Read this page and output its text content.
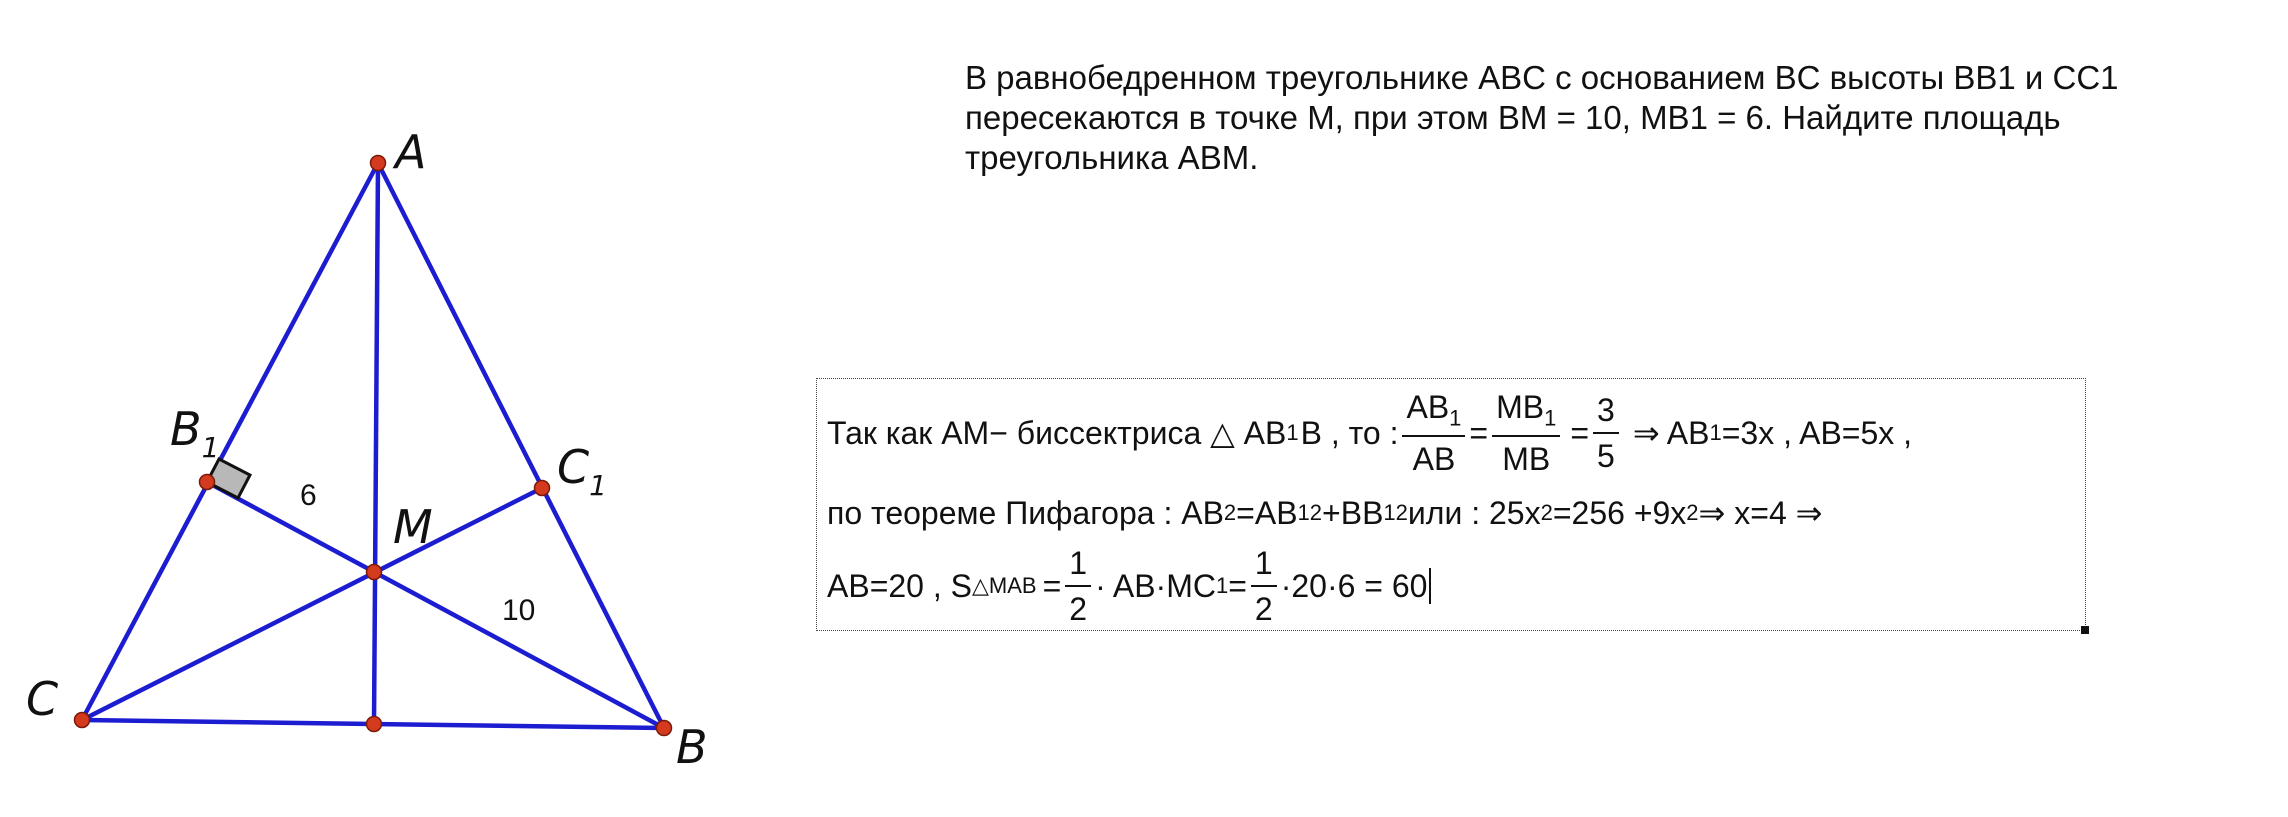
A
$B_1$	$C_1$
M
C
B
6
10
В равнобедренном треугольнике ABC с основанием BC высоты BB1 и CC1
пересекаются в точке M, при этом BM = 10, MB1 = 6. Найдите площадь
треугольника ABM.
Так как AM− биссектриса △ AB 1 B , то : $\frac{AB_1}{AB} = \frac{MB_1}{MB} = \frac{3}{5}$ ⇒ AB 1 =3x , AB=5x ,
по теореме Пифагора : AB 2 =AB 1 2 +BB 1 2 или : 25x 2 =256 +9x 2 ⇒ x=4 ⇒
AB=20 , S △MAB = $\frac{1}{2} \cdot AB\cdot MC$ $1 = \frac{1}{2} \cdot 20\cdot 6 = 60$
